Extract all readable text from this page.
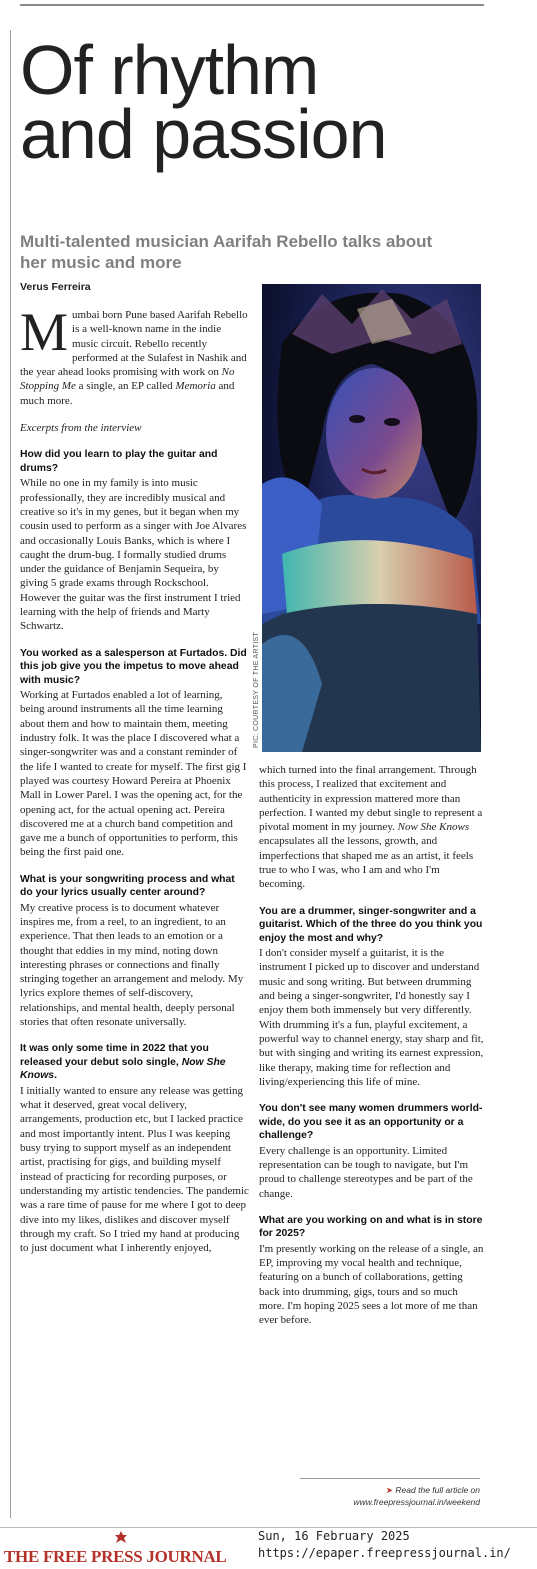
Of rhythm
and passion
Multi-talented musician Aarifah Rebello talks about her music and more
Verus Ferreira

Mumbai born Pune based Aarifah Rebello is a well-known name in the indie music circuit. Rebello recently performed at the Sulafest in Nashik and the year ahead looks promising with work on No Stopping Me a single, an EP called Memoria and much more.

Excerpts from the interview

How did you learn to play the guitar and drums?

While no one in my family is into music professionally, they are incredibly musical and creative so it's in my genes, but it began when my cousin used to perform as a singer with Joe Alvares and occasionally Louis Banks, which is where I caught the drum-bug. I formally studied drums under the guidance of Benjamin Sequeira, by giving 5 grade exams through Rockschool. However the guitar was the first instrument I tried learning with the help of friends and Marty Schwartz.

You worked as a salesperson at Furtados. Did this job give you the impetus to move ahead with music?

Working at Furtados enabled a lot of learning, being around instruments all the time learning about them and how to maintain them, meeting industry folk. It was the place I discovered what a singer-songwriter was and a constant reminder of the life I wanted to create for myself. The first gig I played was courtesy Howard Pereira at Phoenix Mall in Lower Parel. I was the opening act, for the opening act, for the actual opening act. Pereira discovered me at a church band competition and gave me a bunch of opportunities to perform, this being the first paid one.

What is your songwriting process and what do your lyrics usually center around?

My creative process is to document whatever inspires me, from a reel, to an ingredient, to an experience. That then leads to an emotion or a thought that eddies in my mind, noting down interesting phrases or connections and finally stringing together an arrangement and melody. My lyrics explore themes of self-discovery, relationships, and mental health, deeply personal stories that often resonate universally.

It was only some time in 2022 that you released your debut solo single, Now She Knows.

I initially wanted to ensure any release was getting what it deserved, great vocal delivery, arrangements, production etc, but I lacked practice and most importantly intent. Plus I was keeping busy trying to support myself as an independent artist, practising for gigs, and building myself instead of practicing for recording purposes, or understanding my artistic tendencies. The pandemic was a rare time of pause for me where I got to deep dive into my likes, dislikes and discover myself through my craft. So I tried my hand at producing to just document what I inherently enjoyed,

PIC: COURTESY OF THE ARTIST

which turned into the final arrangement. Through this process, I realized that excitement and authenticity in expression mattered more than perfection. I wanted my debut single to represent a pivotal moment in my journey. Now She Knows encapsulates all the lessons, growth, and imperfections that shaped me as an artist, it feels true to who I was, who I am and who I'm becoming.

You are a drummer, singer-songwriter and a guitarist. Which of the three do you think you enjoy the most and why?

I don't consider myself a guitarist, it is the instrument I picked up to discover and understand music and song writing. But between drumming and being a singer-songwriter, I'd honestly say I enjoy them both immensely but very differently. With drumming it's a fun, playful excitement, a powerful way to channel energy, stay sharp and fit, but with singing and writing its earnest expression, like therapy, making time for reflection and living/experiencing this life of mine.

You don't see many women drummers world-wide, do you see it as an opportunity or a challenge?

Every challenge is an opportunity. Limited representation can be tough to navigate, but I'm proud to challenge stereotypes and be part of the change.

What are you working on and what is in store for 2025?

I'm presently working on the release of a single, an EP, improving my vocal health and technique, featuring on a bunch of collaborations, getting back into drumming, gigs, tours and so much more. I'm hoping 2025 sees a lot more of me than ever before.

➤ Read the full article on
www.freepressjournal.in/weekend
THE FREE PRESS JOURNAL
Sun, 16 February 2025
https://epaper.freepressjournal.in/
